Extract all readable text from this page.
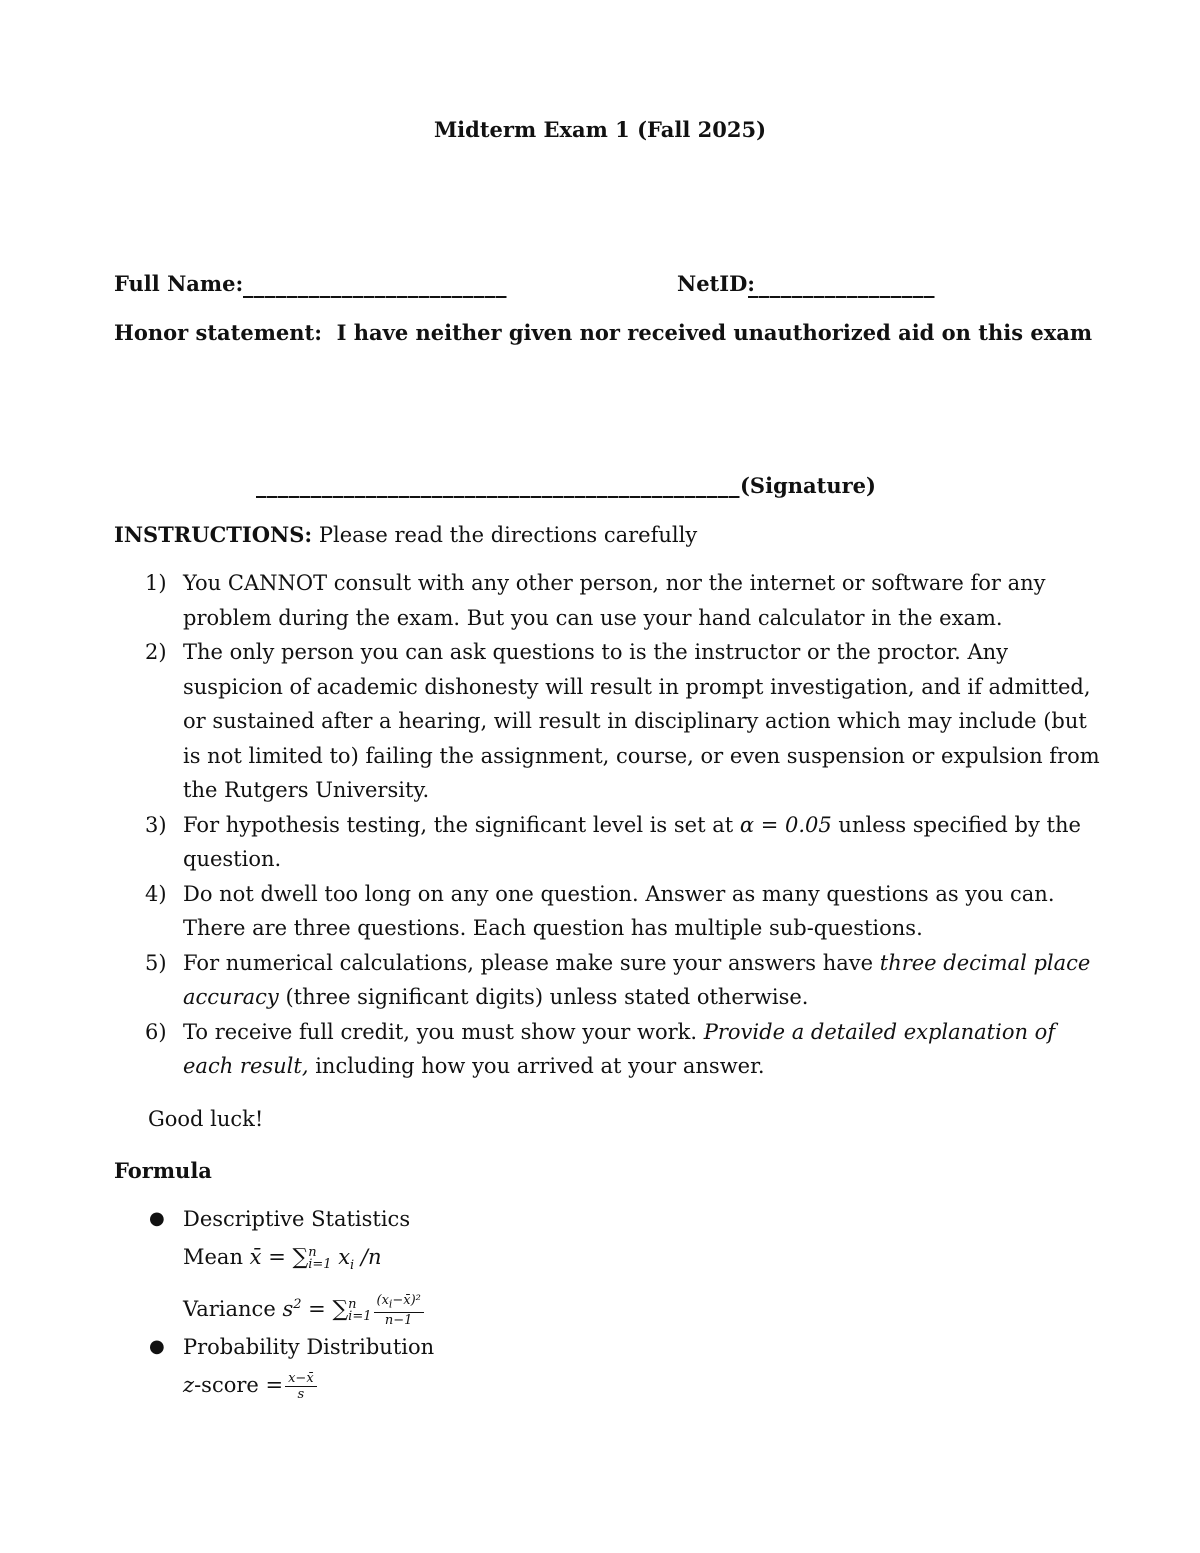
Midterm Exam 1 (Fall 2025)
Full Name: ________________________	NetID:
_________________
Honor statement: I have neither given nor received unauthorized aid on this exam
____________________________________________(Signature)
INSTRUCTIONS: Please read the directions carefully
1) You CANNOT consult with any other person, nor the internet or software for any problem during the exam. But you can use your hand calculator in the exam.
2) The only person you can ask questions to is the instructor or the proctor. Any suspicion of academic dishonesty will result in prompt investigation, and if admitted, or sustained after a hearing, will result in disciplinary action which may include (but is not limited to) failing the assignment, course, or even suspension or expulsion from the Rutgers University.
3) For hypothesis testing, the significant level is set at α = 0.05 unless specified by the question.
4) Do not dwell too long on any one question. Answer as many questions as you can. There are three questions. Each question has multiple sub-questions.
5) For numerical calculations, please make sure your answers have three decimal place accuracy (three significant digits) unless stated otherwise.
6) To receive full credit, you must show your work. Provide a detailed explanation of each result, including how you arrived at your answer.
Good luck!
Formula
● Descriptive Statistics
Mean x̄ = ∑ n
i=1 $x_i$ /n
Variance $s^2$ = ∑ n
$i=1 \frac{(x_i-x̄)^2}{n-1}$
● Probability Distribution
z-score = $\frac{x-x̄}{s}$
